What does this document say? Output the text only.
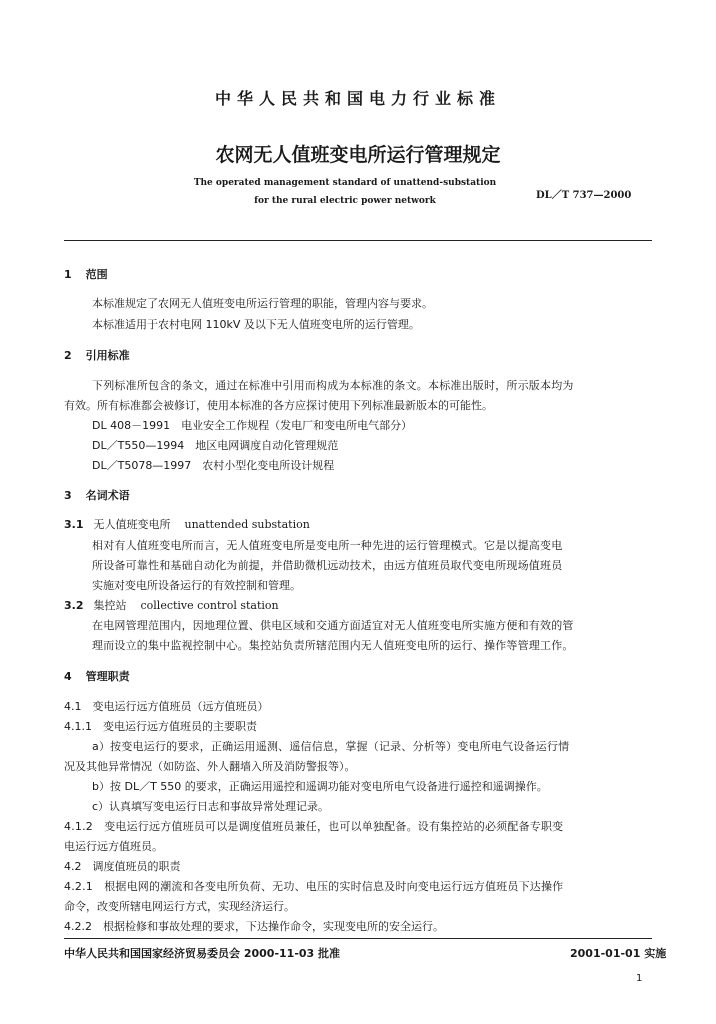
中华人民共和国电力行业标准
农网无人值班变电所运行管理规定
The operated management standard of unattend-substation
for the rural electric power network	DL／T 737—2000
1 范围
本标准规定了农网无人值班变电所运行管理的职能，管理内容与要求。
本标准适用于农村电网 110kV 及以下无人值班变电所的运行管理。
2 引用标准
下列标准所包含的条文，通过在标准中引用而构成为本标准的条文。本标准出版时，所示版本均为
有效。所有标准都会被修订，使用本标准的各方应探讨使用下列标准最新版本的可能性。
DL 408－1991　电业安全工作规程（发电厂和变电所电气部分）
DL／T550—1994　地区电网调度自动化管理规范
DL／T5078—1997　农村小型化变电所设计规程
3 名词术语
3.1 无人值班变电所 unattended substation
相对有人值班变电所而言，无人值班变电所是变电所一种先进的运行管理模式。它是以提高变电
所设备可靠性和基础自动化为前提，并借助微机远动技术，由远方值班员取代变电所现场值班员
实施对变电所设备运行的有效控制和管理。
3.2 集控站 collective control station
在电网管理范围内，因地理位置、供电区域和交通方面适宜对无人值班变电所实施方便和有效的管
理而设立的集中监视控制中心。集控站负责所辖范围内无人值班变电所的运行、操作等管理工作。
4 管理职责
4.1　变电运行远方值班员（远方值班员）
4.1.1　变电运行远方值班员的主要职责
a）按变电运行的要求，正确运用遥测、遥信信息，掌握（记录、分析等）变电所电气设备运行情
况及其他异常情况（如防盗、外人翻墙入所及消防警报等）。
b）按 DL／T 550 的要求，正确运用遥控和遥调功能对变电所电气设备进行遥控和遥调操作。
c）认真填写变电运行日志和事故异常处理记录。
4.1.2　变电运行远方值班员可以是调度值班员兼任，也可以单独配备。设有集控站的必须配备专职变
电运行远方值班员。
4.2　调度值班员的职责
4.2.1　根据电网的潮流和各变电所负荷、无功、电压的实时信息及时向变电运行远方值班员下达操作
命令，改变所辖电网运行方式，实现经济运行。
4.2.2　根据检修和事故处理的要求，下达操作命令，实现变电所的安全运行。
中华人民共和国国家经济贸易委员会 2000-11-03 批准	2001-01-01 实施
1
